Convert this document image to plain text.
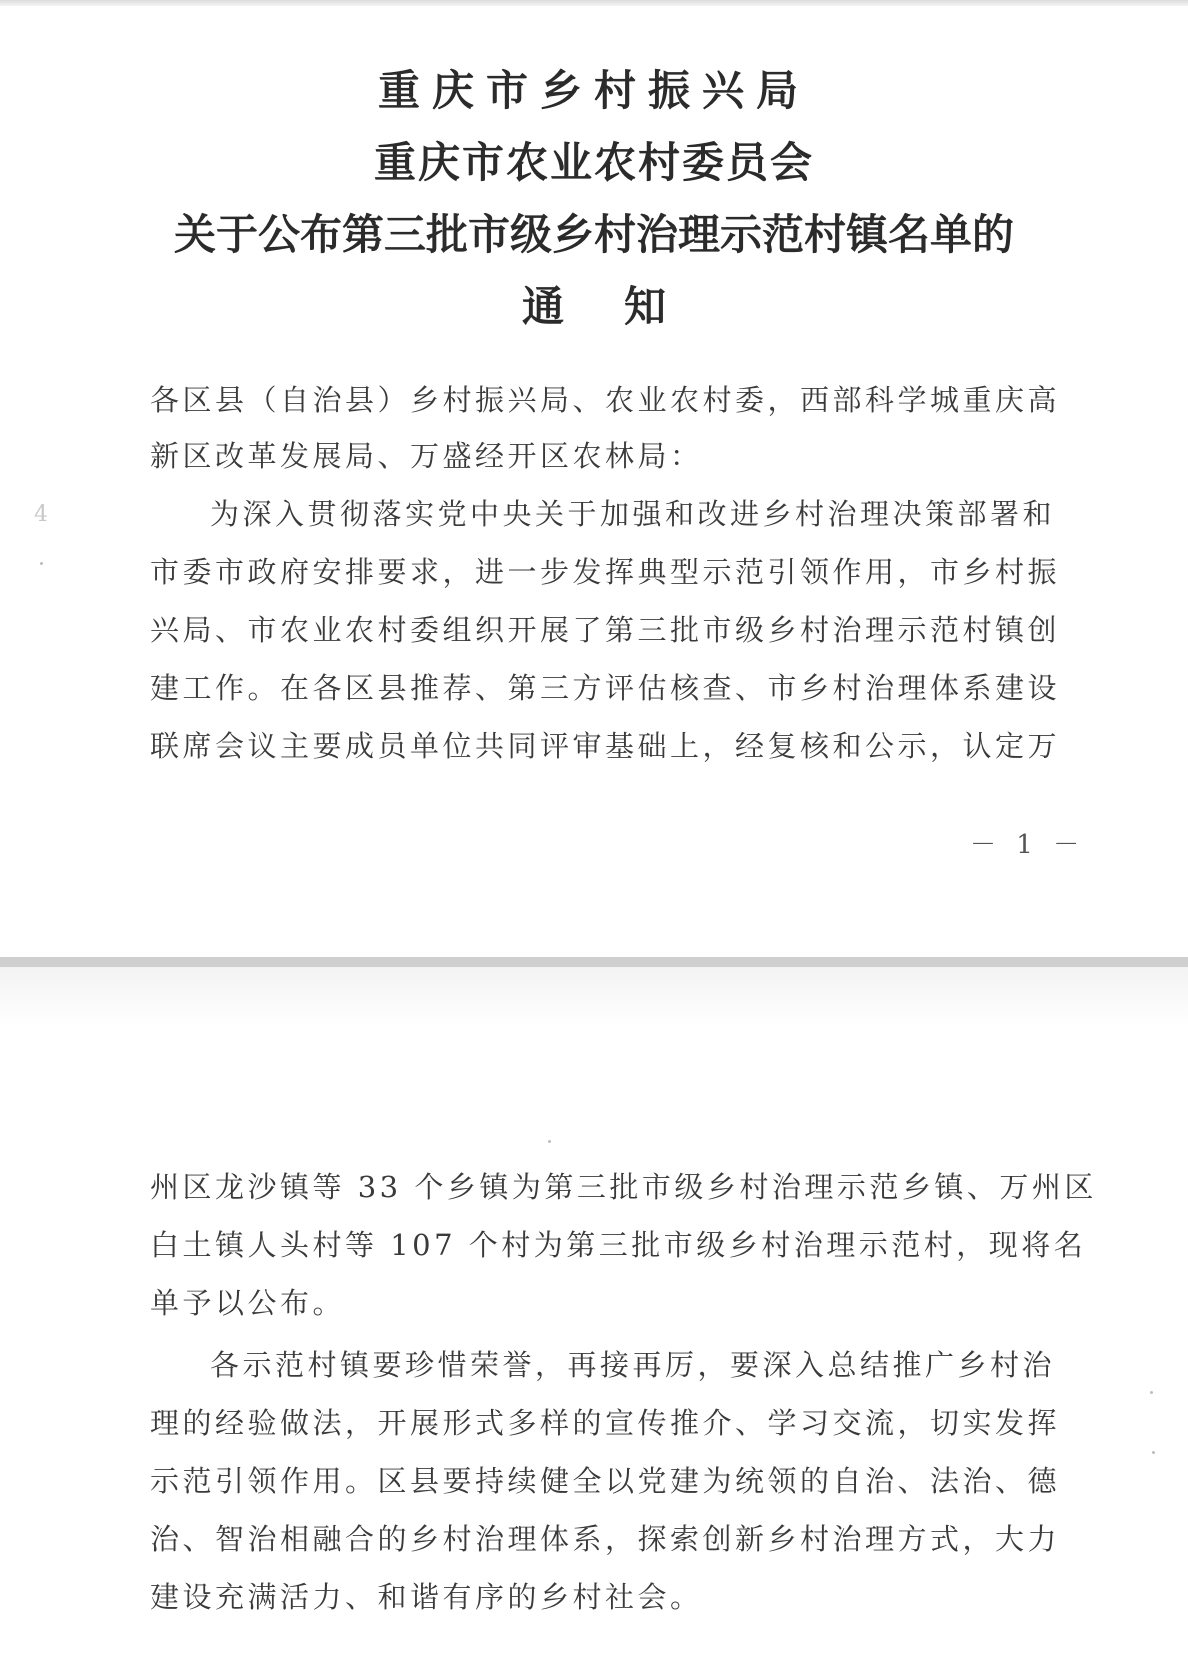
重庆市乡村振兴局
重庆市农业农村委员会
关于公布第三批市级乡村治理示范村镇名单的
通知
各区县（自治县）乡村振兴局、农业农村委，西部科学城重庆高
新区改革发展局、万盛经开区农林局：
为深入贯彻落实党中央关于加强和改进乡村治理决策部署和
市委市政府安排要求，进一步发挥典型示范引领作用，市乡村振
兴局、市农业农村委组织开展了第三批市级乡村治理示范村镇创
建工作。在各区县推荐、第三方评估核查、市乡村治理体系建设
联席会议主要成员单位共同评审基础上，经复核和公示，认定万
－ 1 －
4
州区龙沙镇等 33 个乡镇为第三批市级乡村治理示范乡镇、万州区
白土镇人头村等 107 个村为第三批市级乡村治理示范村，现将名
单予以公布。
各示范村镇要珍惜荣誉，再接再厉，要深入总结推广乡村治
理的经验做法，开展形式多样的宣传推介、学习交流，切实发挥
示范引领作用。区县要持续健全以党建为统领的自治、法治、德
治、智治相融合的乡村治理体系，探索创新乡村治理方式，大力
建设充满活力、和谐有序的乡村社会。
